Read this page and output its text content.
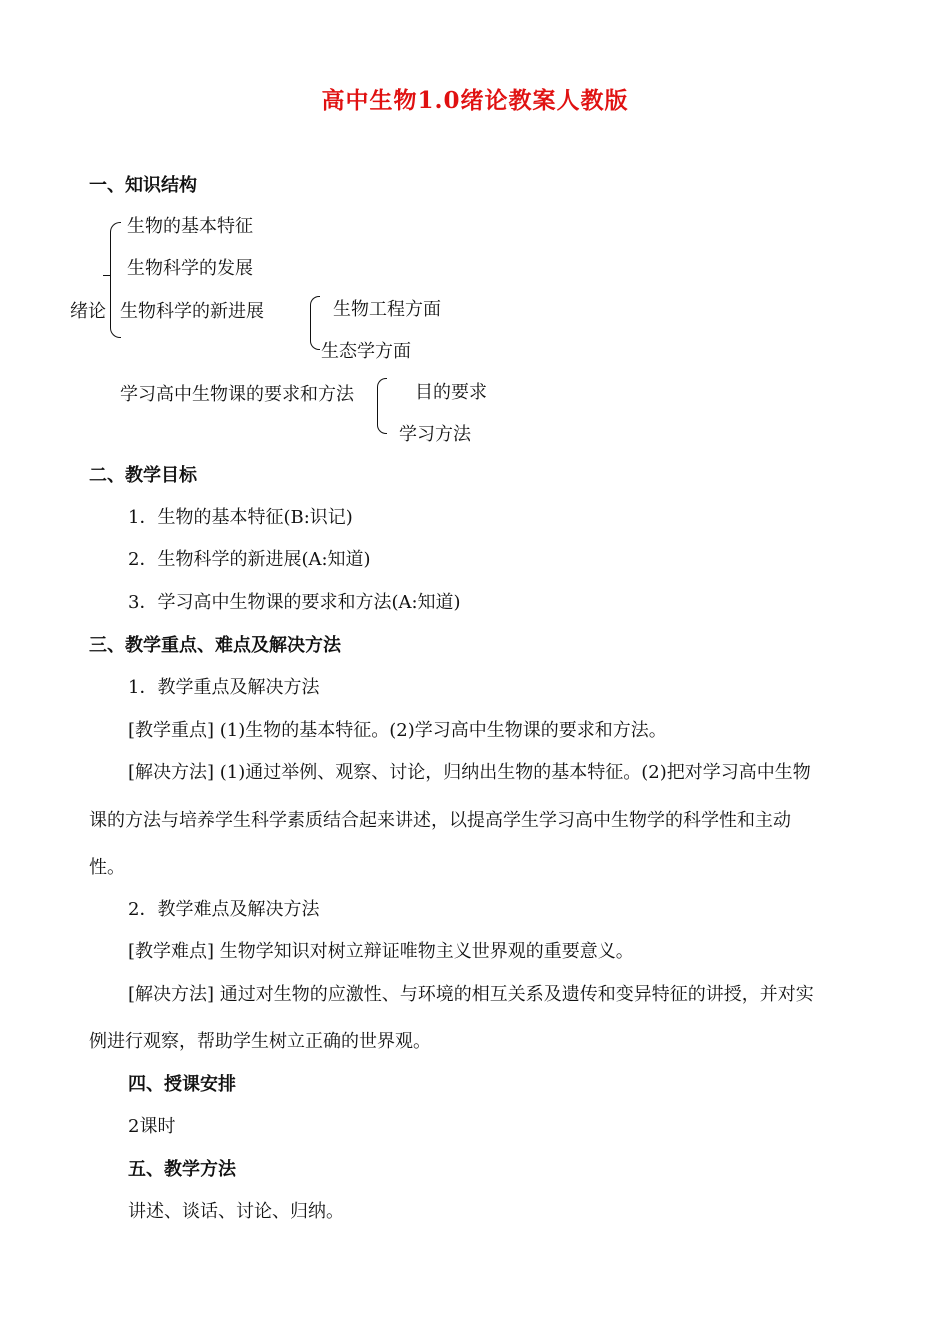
高中生物1.0绪论教案人教版
一、知识结构
绪论
生物的基本特征
生物科学的发展
生物科学的新进展	生物工程方面
生态学方面
学习高中生物课的要求和方法	目的要求
学习方法
二、教学目标
1．生物的基本特征(B:识记)
2．生物科学的新进展(A:知道)
3．学习高中生物课的要求和方法(A:知道)
三、教学重点、难点及解决方法
1．教学重点及解决方法
[教学重点] (1)生物的基本特征。(2)学习高中生物课的要求和方法。
[解决方法] (1)通过举例、观察、讨论，归纳出生物的基本特征。(2)把对学习高中生物
课的方法与培养学生科学素质结合起来讲述，以提高学生学习高中生物学的科学性和主动
性。
2．教学难点及解决方法
[教学难点] 生物学知识对树立辩证唯物主义世界观的重要意义。
[解决方法] 通过对生物的应激性、与环境的相互关系及遗传和变异特征的讲授，并对实
例进行观察，帮助学生树立正确的世界观。
四、授课安排
2课时
五、教学方法
讲述、谈话、讨论、归纳。
